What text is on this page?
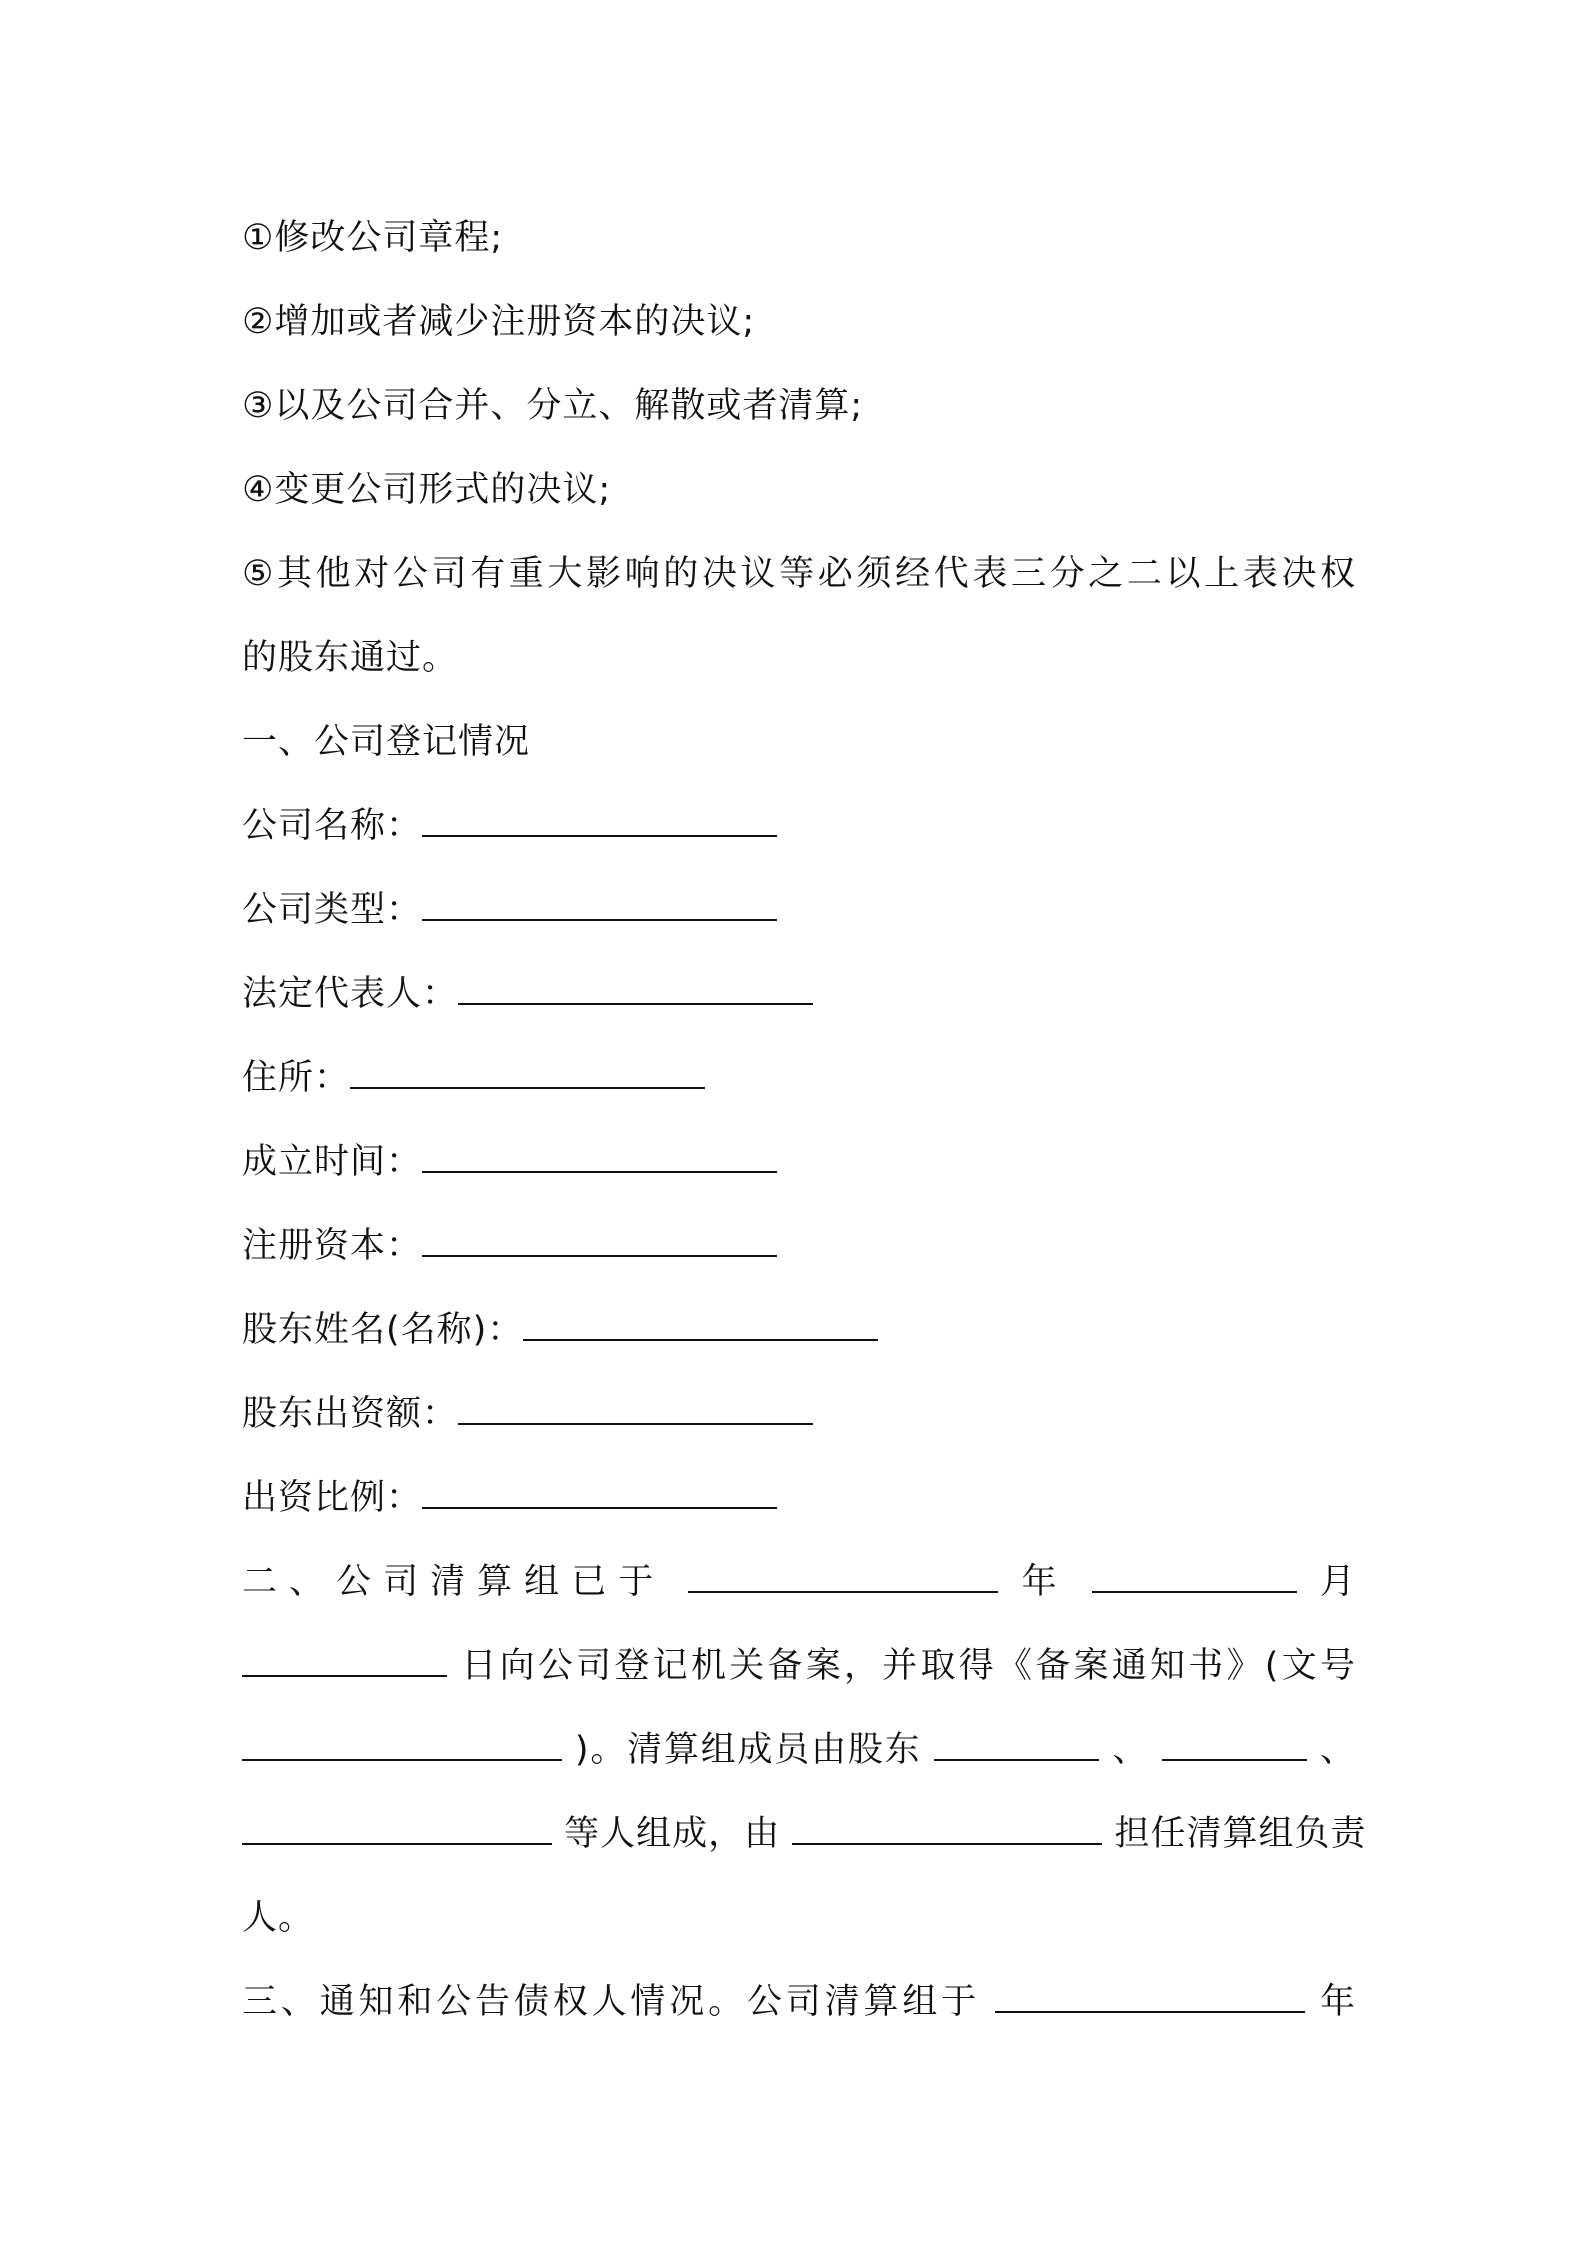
①修改公司章程;
②增加或者减少注册资本的决议;
③以及公司合并、分立、解散或者清算;
④变更公司形式的决议;
⑤其他对公司有重大影响的决议等必须经代表三分之二以上表决权
的股东通过。
一、公司登记情况
公司名称：
公司类型：
法定代表人：
住所：
成立时间：
注册资本：
股东姓名(名称)：
股东出资额：
出资比例：
二、公司清算组已于	年	月
日向公司登记机关备案，并取得《备案通知书》(文号
)。清算组成员由股东	、	、
等人组成，由	担任清算组负责
人。
三、通知和公告债权人情况。公司清算组于	年
